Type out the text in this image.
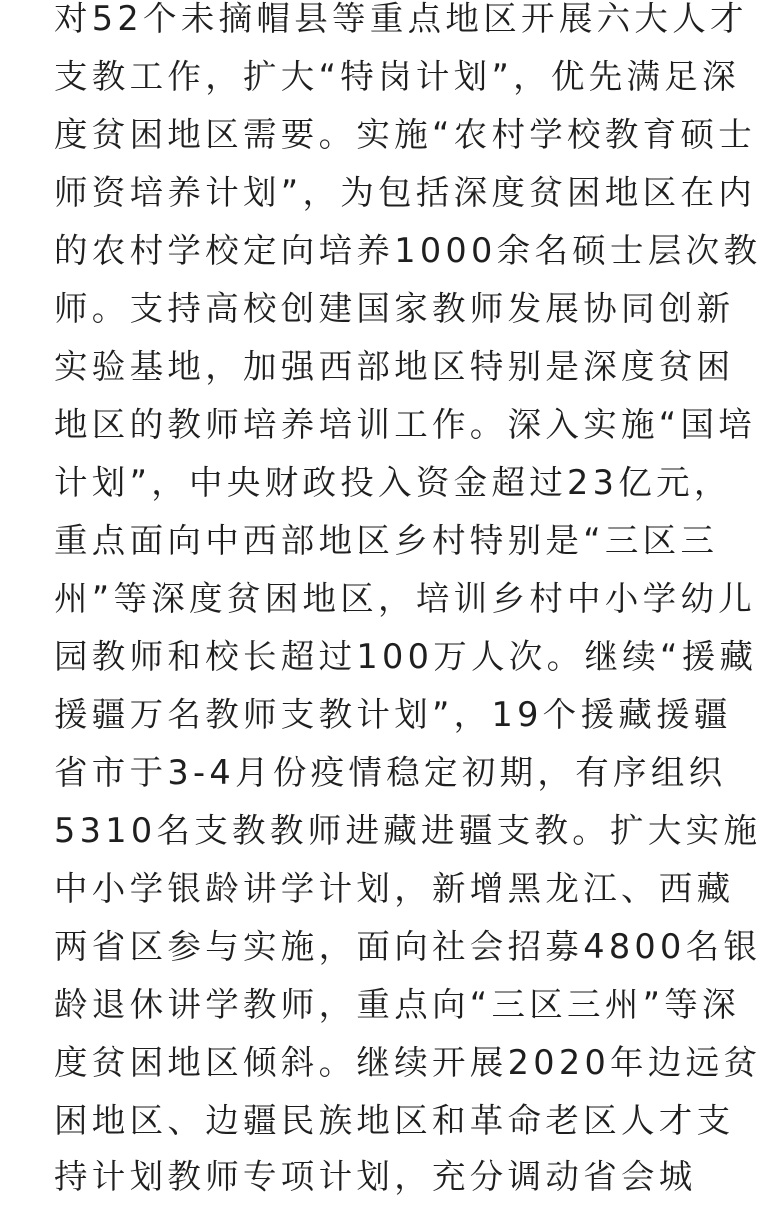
对52个未摘帽县等重点地区开展六大人才
支教工作，扩大“特岗计划”，优先满足深
度贫困地区需要。实施“农村学校教育硕士
师资培养计划”，为包括深度贫困地区在内
的农村学校定向培养1000余名硕士层次教
师。支持高校创建国家教师发展协同创新
实验基地，加强西部地区特别是深度贫困
地区的教师培养培训工作。深入实施“国培
计划”，中央财政投入资金超过23亿元，
重点面向中西部地区乡村特别是“三区三
州”等深度贫困地区，培训乡村中小学幼儿
园教师和校长超过100万人次。继续“援藏
援疆万名教师支教计划”，19个援藏援疆
省市于3-4月份疫情稳定初期，有序组织
5310名支教教师进藏进疆支教。扩大实施
中小学银龄讲学计划，新增黑龙江、西藏
两省区参与实施，面向社会招募4800名银
龄退休讲学教师，重点向“三区三州”等深
度贫困地区倾斜。继续开展2020年边远贫
困地区、边疆民族地区和革命老区人才支
持计划教师专项计划，充分调动省会城
